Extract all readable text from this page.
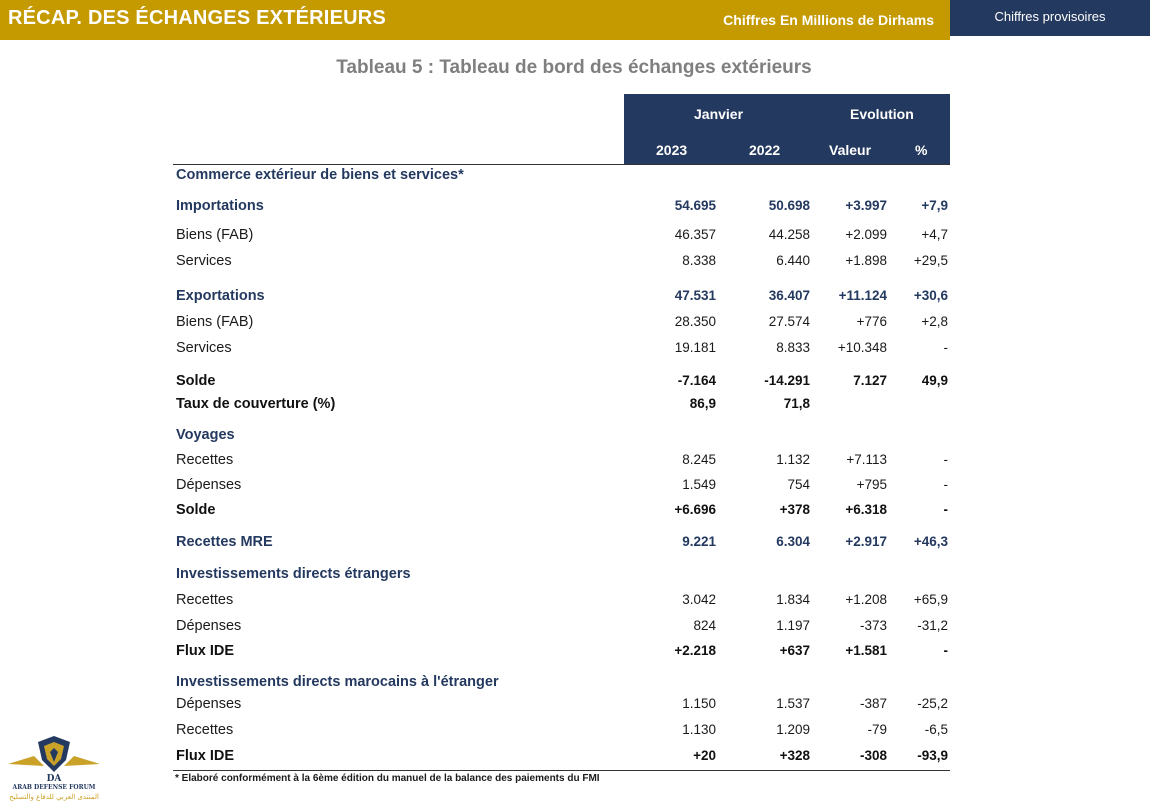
RÉCAP. DES ÉCHANGES EXTÉRIEURS	Chiffres En Millions de Dirhams	Chiffres provisoires
Tableau 5 : Tableau de bord des échanges extérieurs
Janvier	Evolution
2023	2022	Valeur	%
Commerce extérieur de biens et services*
Importations	54.695	50.698	+3.997	+7,9
Biens (FAB)	46.357	44.258	+2.099	+4,7
Services	8.338	6.440	+1.898 +29,5
Exportations	47.531	36.407 +11.124 +30,6
Biens (FAB)	28.350	27.574	+776	+2,8
Services	19.181	8.833 +10.348	-
Solde	-7.164	-14.291	7.127	49,9
Taux de couverture (%)	86,9	71,8
Voyages
Recettes	8.245	1.132	+7.113	-
Dépenses	1.549	754	+795	-
Solde	+6.696	+378	+6.318	-
Recettes MRE	9.221	6.304	+2.917 +46,3
Investissements directs étrangers
Recettes	3.042	1.834	+1.208 +65,9
Dépenses	824	1.197	-373 -31,2
Flux IDE	+2.218	+637	+1.581	-
Investissements directs marocains à l'étranger
Dépenses	1.150	1.537	-387 -25,2
Recettes	1.130	1.209	-79	-6,5
Flux IDE	+20	+328	-308 -93,9
* Elaboré conformément à la 6ème édition du manuel de la balance des paiements du FMI
DA
ARAB DEFENSE FORUM
المنتدى العربي للدفاع والتسليح
